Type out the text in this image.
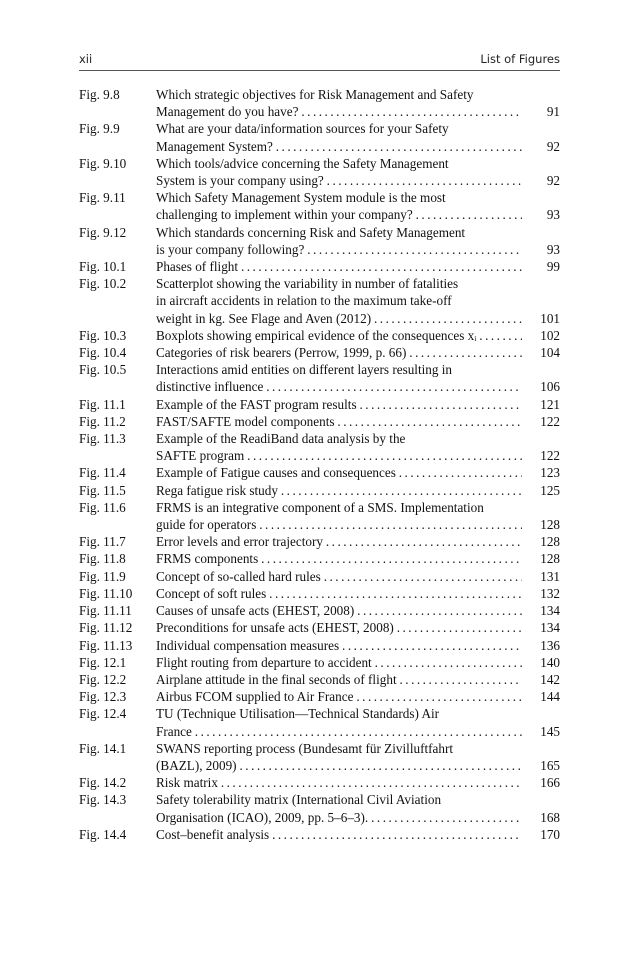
xii	List of Figures
Fig. 9.8	Which strategic objectives for Risk Management and Safety
Management do you have? . . .	91
Fig. 9.9	What are your data/information sources for your Safety
Management System? . . .	92
Fig. 9.10	Which tools/advice concerning the Safety Management
System is your company using? . . .	92
Fig. 9.11	Which Safety Management System module is the most
challenging to implement within your company? . . .	93
Fig. 9.12	Which standards concerning Risk and Safety Management
is your company following? . . .	93
Fig. 10.1	Phases of flight . . .	99
Fig. 10.2	Scatterplot showing the variability in number of fatalities
in aircraft accidents in relation to the maximum take-off
weight in kg. See Flage and Aven (2012) . . .	101
Fig. 10.3	Boxplots showing empirical evidence of the consequences xᵢ . . .	102
Fig. 10.4	Categories of risk bearers (Perrow, 1999, p. 66) . . .	104
Fig. 10.5	Interactions amid entities on different layers resulting in
distinctive influence . . .	106
Fig. 11.1	Example of the FAST program results . . .	121
Fig. 11.2	FAST/SAFTE model components . . .	122
Fig. 11.3	Example of the ReadiBand data analysis by the
SAFTE program . . .	122
Fig. 11.4	Example of Fatigue causes and consequences . . .	123
Fig. 11.5	Rega fatigue risk study . . .	125
Fig. 11.6	FRMS is an integrative component of a SMS. Implementation
guide for operators . . .	128
Fig. 11.7	Error levels and error trajectory . . .	128
Fig. 11.8	FRMS components . . .	128
Fig. 11.9	Concept of so-called hard rules . . .	131
Fig. 11.10	Concept of soft rules . . .	132
Fig. 11.11	Causes of unsafe acts (EHEST, 2008) . . .	134
Fig. 11.12	Preconditions for unsafe acts (EHEST, 2008) . . .	134
Fig. 11.13	Individual compensation measures . . .	136
Fig. 12.1	Flight routing from departure to accident . . .	140
Fig. 12.2	Airplane attitude in the final seconds of flight . . .	142
Fig. 12.3	Airbus FCOM supplied to Air France . . .	144
Fig. 12.4	TU (Technique Utilisation—Technical Standards) Air
France . . .	145
Fig. 14.1	SWANS reporting process (Bundesamt für Zivilluftfahrt
(BAZL), 2009) . . .	165
Fig. 14.2	Risk matrix . . .	166
Fig. 14.3	Safety tolerability matrix (International Civil Aviation
Organisation (ICAO), 2009, pp. 5–6–3). . . .	168
Fig. 14.4	Cost–benefit analysis . . .	170
